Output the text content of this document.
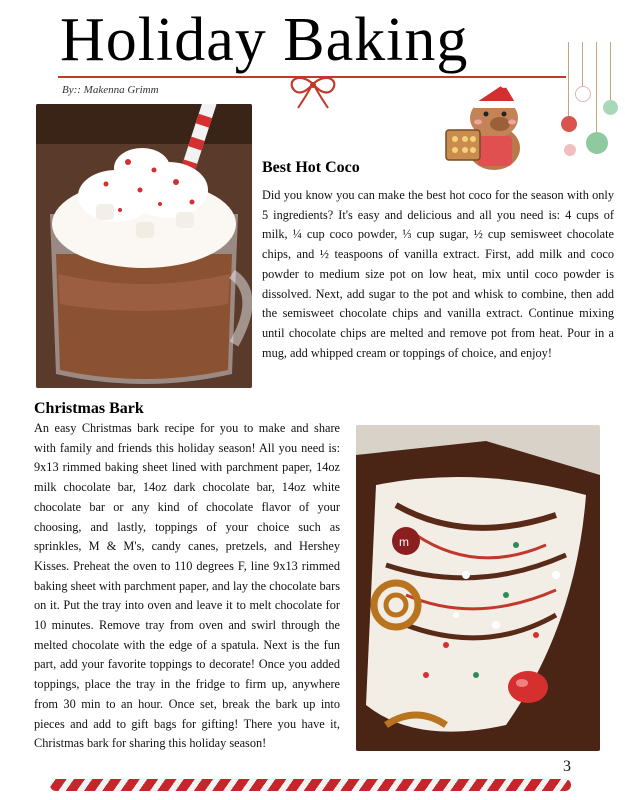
Holiday Baking
By:: Makenna Grimm
Best Hot Coco
Did you know you can make the best hot coco for the season with only 5 ingredients? It's easy and delicious and all you need is: 4 cups of milk, ¼ cup coco powder, ⅓ cup sugar, ½ cup semisweet chocolate chips, and ½ teaspoons of vanilla extract. First, add milk and coco powder to medium size pot on low heat, mix until coco powder is dissolved. Next, add sugar to the pot and whisk to combine, then add the semisweet chocolate chips and vanilla extract. Continue mixing until chocolate chips are melted and remove pot from heat. Pour in a mug, add whipped cream or toppings of choice, and enjoy!
Christmas Bark
An easy Christmas bark recipe for you to make and share with family and friends this holiday season! All you need is: 9x13 rimmed baking sheet lined with parchment paper, 14oz milk chocolate bar, 14oz dark chocolate bar, 14oz white chocolate bar or any kind of chocolate flavor of your choosing, and lastly, toppings of your choice such as sprinkles, M & M's, candy canes, pretzels, and Hershey Kisses. Preheat the oven to 110 degrees F, line 9x13 rimmed baking sheet with parchment paper, and lay the chocolate bars on it. Put the tray into oven and leave it to melt chocolate for 10 minutes. Remove tray from oven and swirl through the melted chocolate with the edge of a spatula. Next is the fun part, add your favorite toppings to decorate! Once you added toppings, place the tray in the fridge to firm up, anywhere from 30 min to an hour. Once set, break the bark up into pieces and add to gift bags for gifting! There you have it, Christmas bark for sharing this holiday season!
m
3
